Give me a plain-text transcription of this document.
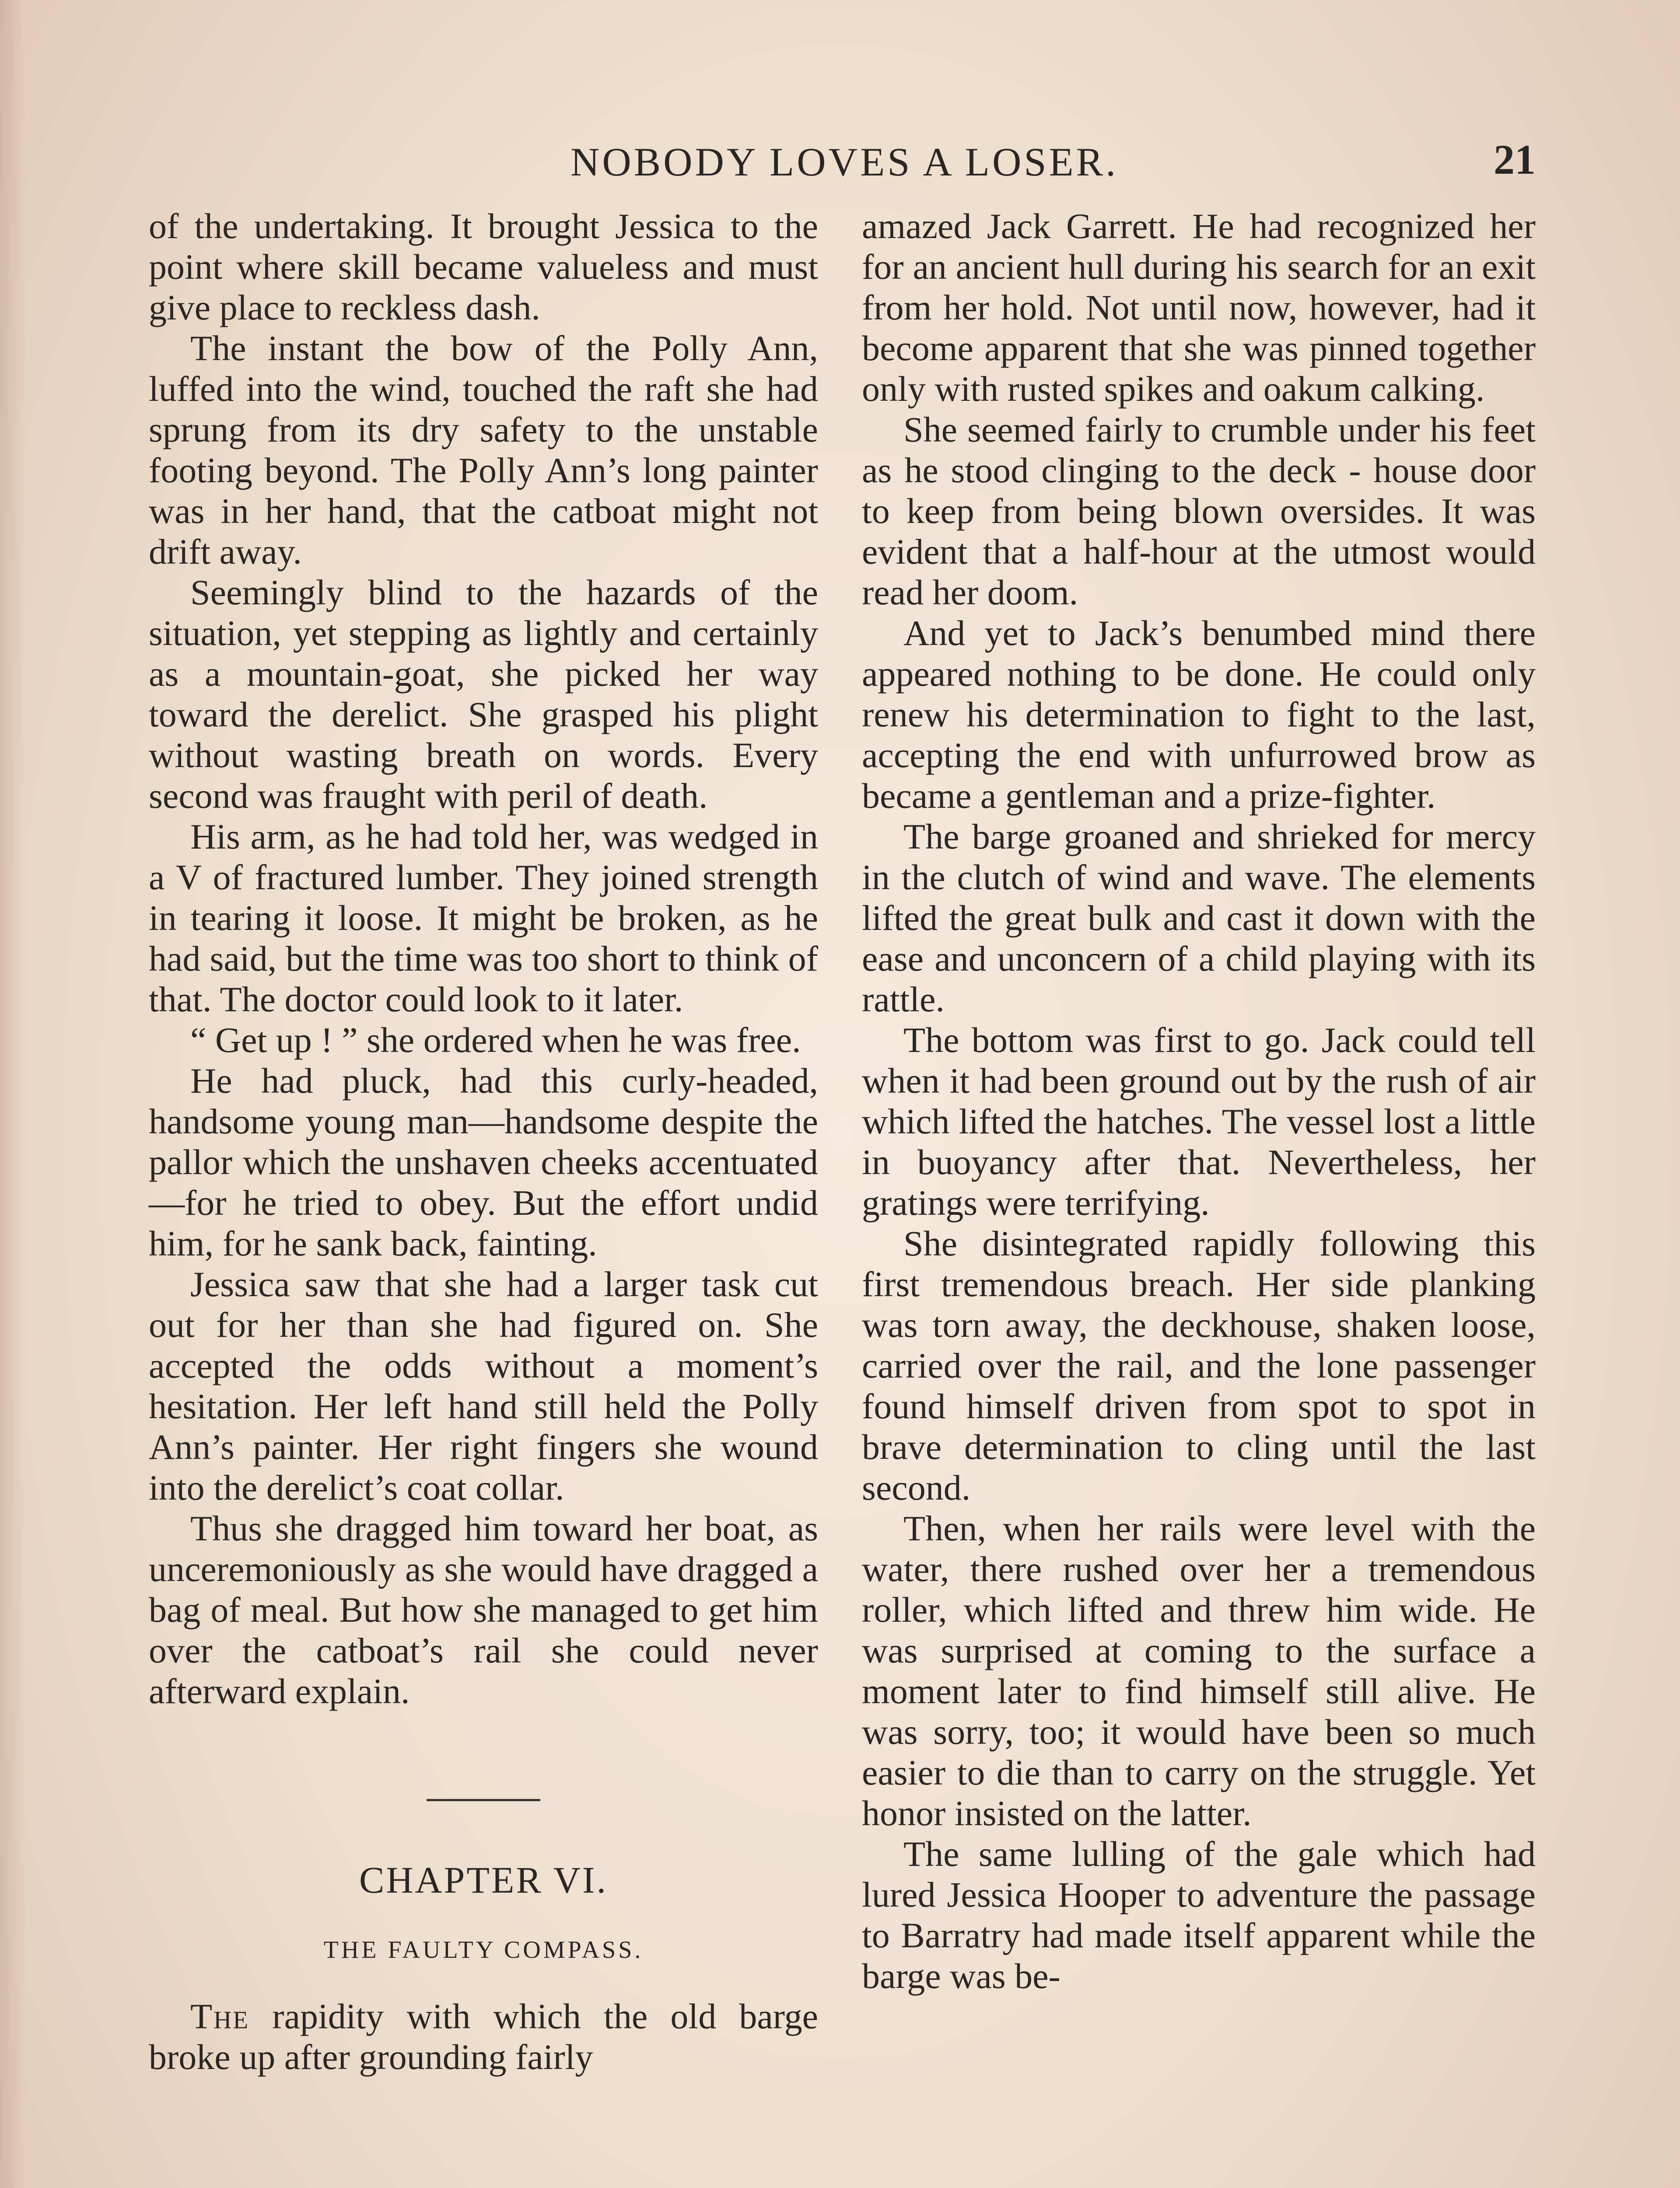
NOBODY LOVES A LOSER.	21

of the undertaking. It brought Jessica to the point where skill became valueless and must give place to reckless dash.

The instant the bow of the Polly Ann, luffed into the wind, touched the raft she had sprung from its dry safety to the unstable footing beyond. The Polly Ann’s long painter was in her hand, that the catboat might not drift away.

Seemingly blind to the hazards of the situation, yet stepping as lightly and certainly as a mountain-goat, she picked her way toward the derelict. She grasped his plight without wasting breath on words. Every second was fraught with peril of death.

His arm, as he had told her, was wedged in a V of fractured lumber. They joined strength in tearing it loose. It might be broken, as he had said, but the time was too short to think of that. The doctor could look to it later.

“ Get up ! ” she ordered when he was free.

He had pluck, had this curly-headed, handsome young man—handsome despite the pallor which the unshaven cheeks accentuated—for he tried to obey. But the effort undid him, for he sank back, fainting.

Jessica saw that she had a larger task cut out for her than she had figured on. She accepted the odds without a moment’s hesitation. Her left hand still held the Polly Ann’s painter. Her right fingers she wound into the derelict’s coat collar.

Thus she dragged him toward her boat, as unceremoniously as she would have dragged a bag of meal. But how she managed to get him over the catboat’s rail she could never afterward explain.

CHAPTER VI.
THE FAULTY COMPASS.

The rapidity with which the old barge broke up after grounding fairly

amazed Jack Garrett. He had recognized her for an ancient hull during his search for an exit from her hold. Not until now, however, had it become apparent that she was pinned together only with rusted spikes and oakum calking.

She seemed fairly to crumble under his feet as he stood clinging to the deck - house door to keep from being blown oversides. It was evident that a half-hour at the utmost would read her doom.

And yet to Jack’s benumbed mind there appeared nothing to be done. He could only renew his determination to fight to the last, accepting the end with unfurrowed brow as became a gentleman and a prize-fighter.

The barge groaned and shrieked for mercy in the clutch of wind and wave. The elements lifted the great bulk and cast it down with the ease and unconcern of a child playing with its rattle.

The bottom was first to go. Jack could tell when it had been ground out by the rush of air which lifted the hatches. The vessel lost a little in buoyancy after that. Nevertheless, her gratings were terrifying.

She disintegrated rapidly following this first tremendous breach. Her side planking was torn away, the deckhouse, shaken loose, carried over the rail, and the lone passenger found himself driven from spot to spot in brave determination to cling until the last second.

Then, when her rails were level with the water, there rushed over her a tremendous roller, which lifted and threw him wide. He was surprised at coming to the surface a moment later to find himself still alive. He was sorry, too; it would have been so much easier to die than to carry on the struggle. Yet honor insisted on the latter.

The same lulling of the gale which had lured Jessica Hooper to adventure the passage to Barratry had made itself apparent while the barge was be-
